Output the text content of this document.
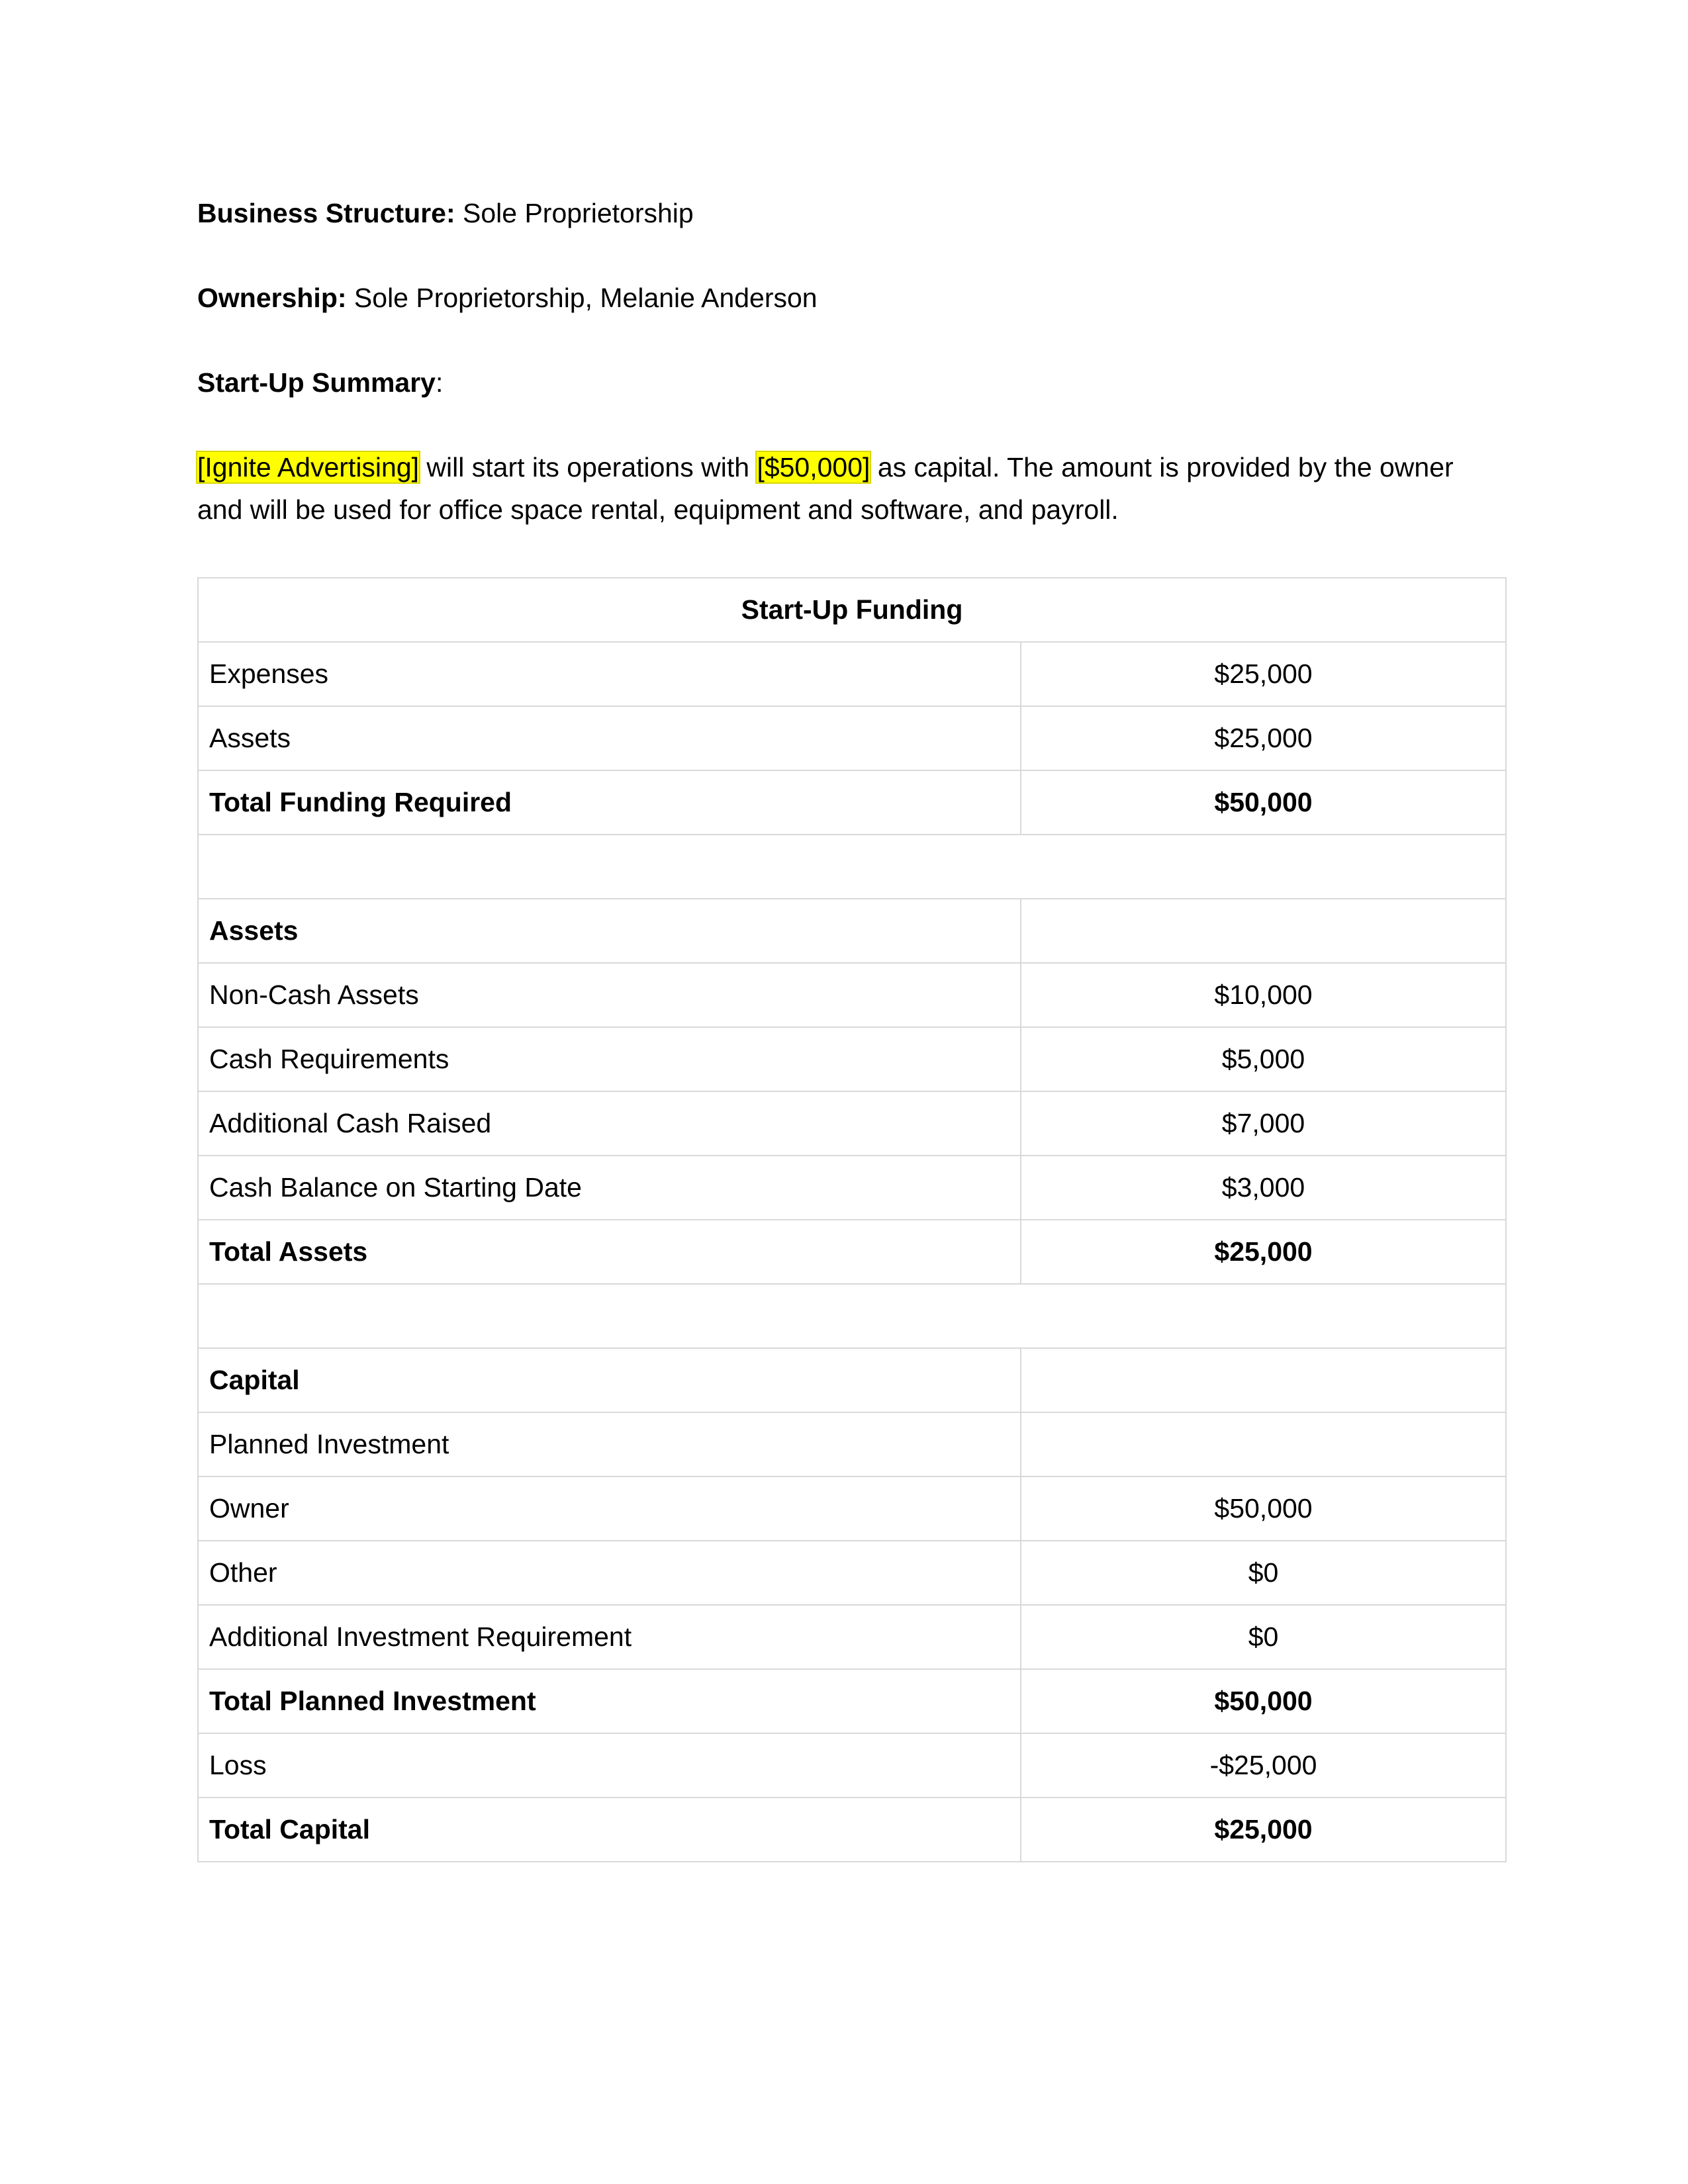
Business Structure: Sole Proprietorship

Ownership: Sole Proprietorship, Melanie Anderson

Start-Up Summary:

[Ignite Advertising] will start its operations with [$50,000] as capital. The amount is provided by the owner and will be used for office space rental, equipment and software, and payroll.

Start-Up Funding	
Expenses	$25,000
Assets	$25,000
Total Funding Required	$50,000

Assets	
Non-Cash Assets	$10,000
Cash Requirements	$5,000
Additional Cash Raised	$7,000
Cash Balance on Starting Date	$3,000
Total Assets	$25,000

Capital	
Planned Investment	
Owner	$50,000
Other	$0
Additional Investment Requirement	$0
Total Planned Investment	$50,000
Loss	-$25,000
Total Capital	$25,000
